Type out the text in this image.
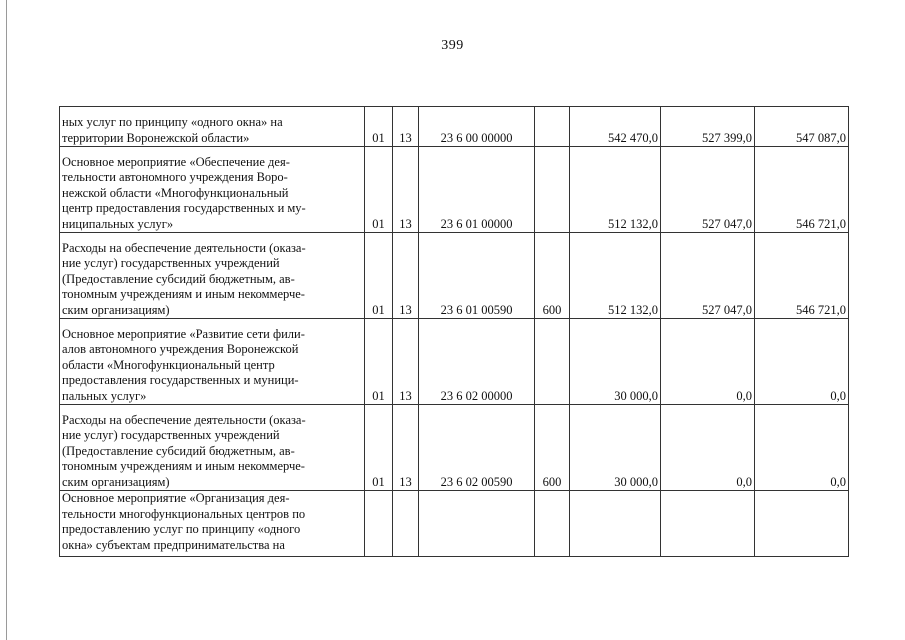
399
ных услуг по принципу «одного окна» на
территории Воронежской области»	01	13	23 6 00 00000		542 470,0	527 399,0	547 087,0

Основное мероприятие «Обеспечение дея-
тельности автономного учреждения Воро-
нежской области «Многофункциональный
центр предоставления государственных и му-
ниципальных услуг»	01	13	23 6 01 00000		512 132,0	527 047,0	546 721,0

Расходы на обеспечение деятельности (оказа-
ние услуг) государственных учреждений
(Предоставление субсидий бюджетным, ав-
тономным учреждениям и иным некоммерче-
ским организациям)	01	13	23 6 01 00590	600	512 132,0	527 047,0	546 721,0

Основное мероприятие «Развитие сети фили-
алов автономного учреждения Воронежской
области «Многофункциональный центр
предоставления государственных и муници-
пальных услуг»	01	13	23 6 02 00000		30 000,0	0,0	0,0

Расходы на обеспечение деятельности (оказа-
ние услуг) государственных учреждений
(Предоставление субсидий бюджетным, ав-
тономным учреждениям и иным некоммерче-
ским организациям)	01	13	23 6 02 00590	600	30 000,0	0,0	0,0

Основное мероприятие «Организация дея-
тельности многофункциональных центров по
предоставлению услуг по принципу «одного
окна» субъектам предпринимательства на							
